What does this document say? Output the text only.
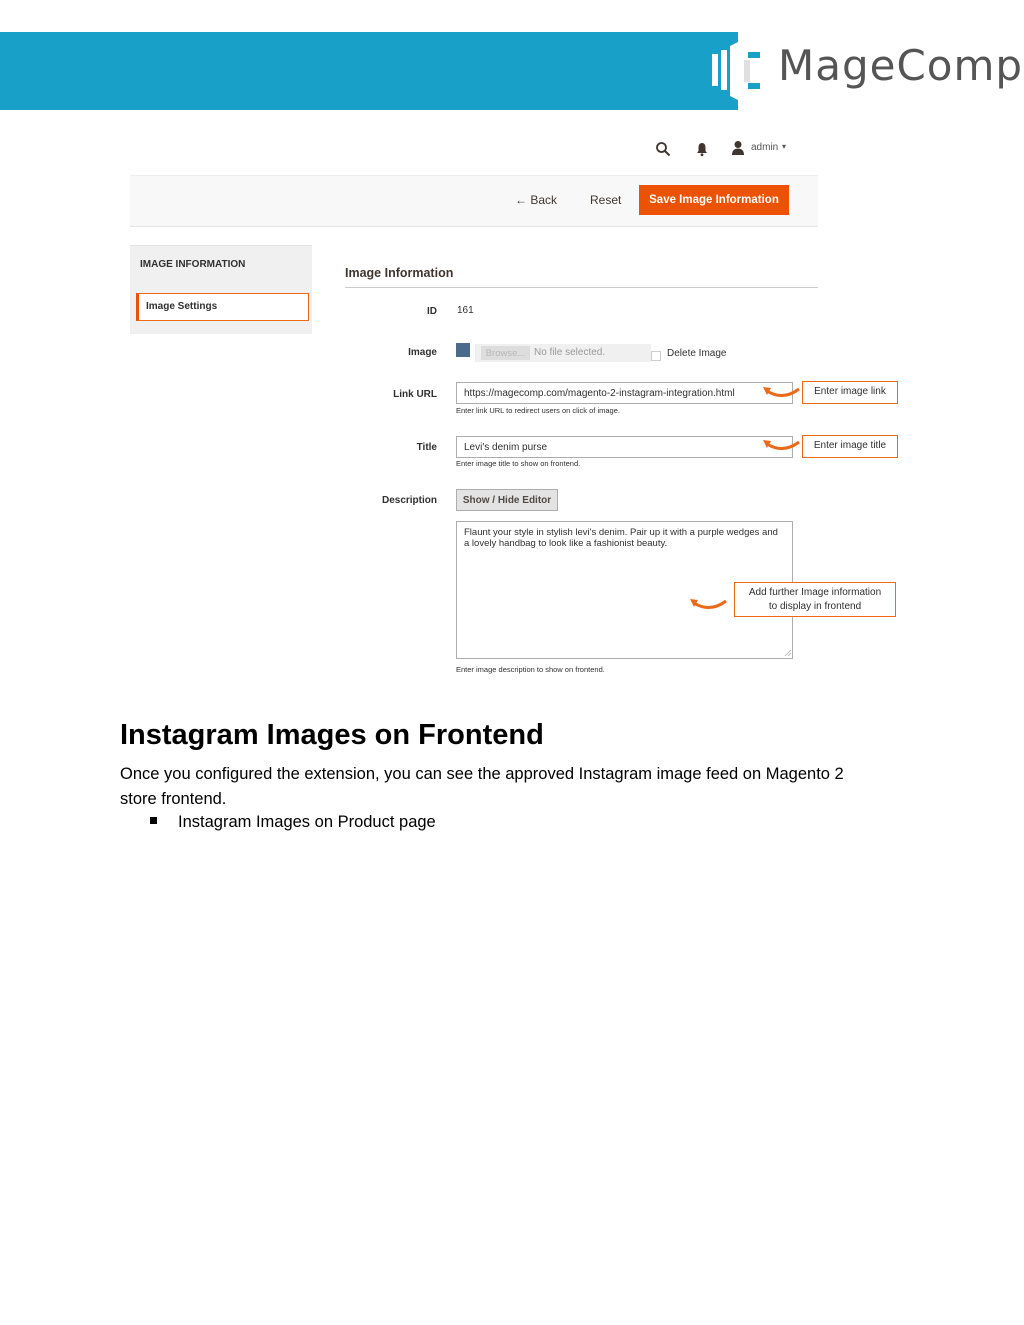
MageComp
admin ▾
← Back	Reset	Save Image Information
IMAGE INFORMATION
Image Settings
Image Information
ID 161
Image	Browse... No file selected.	Delete Image
Link URL	https://magecomp.com/magento-2-instagram-integration.html
Enter link URL to redirect users on click of image.
Title	Levi's denim purse
Enter image title to show on frontend.
Description	Show / Hide Editor
Flaunt your style in stylish levi's denim. Pair up it with a purple wedges and a lovely handbag to look like a fashionist beauty.
Enter image description to show on frontend.
Enter image link
Enter image title
Add further Image information
to display in frontend
Instagram Images on Frontend
Once you configured the extension, you can see the approved Instagram image feed on Magento 2 store frontend.
Instagram Images on Product page
